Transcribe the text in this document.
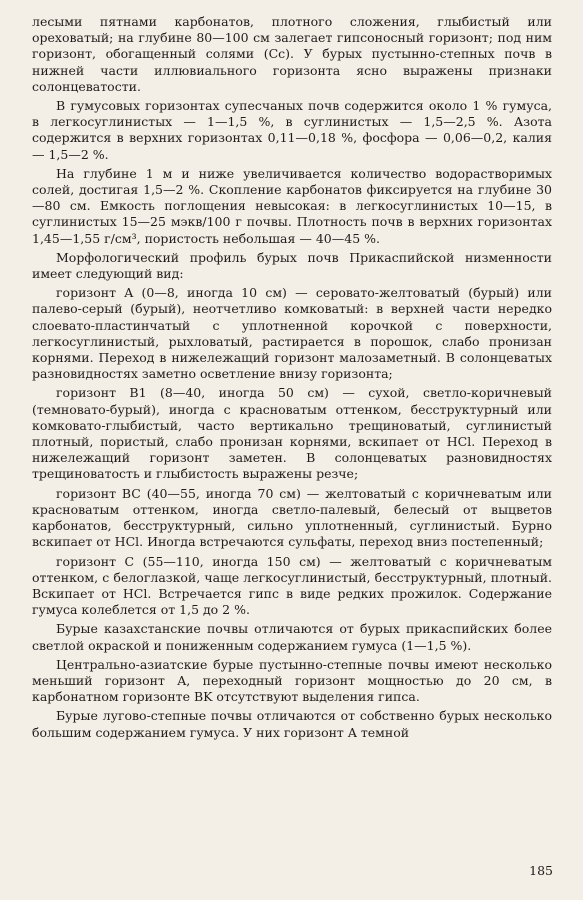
лесыми пятнами карбонатов, плотного сложения, глыбистый или ореховатый; на глубине 80—100 см залегает гипсоносный горизонт; под ним горизонт, обогащенный солями (Cс). У бурых пустынно-степных почв в нижней части иллювиального горизонта ясно выражены признаки солонцеватости.

В гумусовых горизонтах супесчаных почв содержится около 1 % гумуса, в легкосуглинистых — 1—1,5 %, в суглинистых — 1,5—2,5 %. Азота содержится в верхних горизонтах 0,11—0,18 %, фосфора — 0,06—0,2, калия — 1,5—2 %.

На глубине 1 м и ниже увеличивается количество водорастворимых солей, достигая 1,5—2 %. Скопление карбонатов фиксируется на глубине 30—80 см. Емкость поглощения невысокая: в легкосуглинистых 10—15, в суглинистых 15—25 мэкв/100 г почвы. Плотность почв в верхних горизонтах 1,45—1,55 г/см³, пористость небольшая — 40—45 %.

Морфологический профиль бурых почв Прикаспийской низменности имеет следующий вид:

горизонт A (0—8, иногда 10 см) — серовато-желтоватый (бурый) или палево-серый (бурый), неотчетливо комковатый: в верхней части нередко слоевато-пластинчатый с уплотненной корочкой с поверхности, легкосуглинистый, рыхловатый, растирается в порошок, слабо пронизан корнями. Переход в нижележащий горизонт малозаметный. В солонцеватых разновидностях заметно осветление внизу горизонта;

горизонт B1 (8—40, иногда 50 см) — сухой, светло-коричневый (темновато-бурый), иногда с красноватым оттенком, бесструктурный или комковато-глыбистый, часто вертикально трещиноватый, суглинистый плотный, пористый, слабо пронизан корнями, вскипает от HCl. Переход в нижележащий горизонт заметен. В солонцеватых разновидностях трещиноватость и глыбистость выражены резче;

горизонт BC (40—55, иногда 70 см) — желтоватый с коричневатым или красноватым оттенком, иногда светло-палевый, белесый от выцветов карбонатов, бесструктурный, сильно уплотненный, суглинистый. Бурно вскипает от HCl. Иногда встречаются сульфаты, переход вниз постепенный;

горизонт C (55—110, иногда 150 см) — желтоватый с коричневатым оттенком, с белоглазкой, чаще легкосуглинистый, бесструктурный, плотный. Вскипает от HCl. Встречается гипс в виде редких прожилок. Содержание гумуса колеблется от 1,5 до 2 %.

Бурые казахстанские почвы отличаются от бурых прикаспийских более светлой окраской и пониженным содержанием гумуса (1—1,5 %).

Центрально-азиатские бурые пустынно-степные почвы имеют несколько меньший горизонт A, переходный горизонт мощностью до 20 см, в карбонатном горизонте BK отсутствуют выделения гипса.

Бурые лугово-степные почвы отличаются от собственно бурых несколько большим содержанием гумуса. У них горизонт A темной

185
